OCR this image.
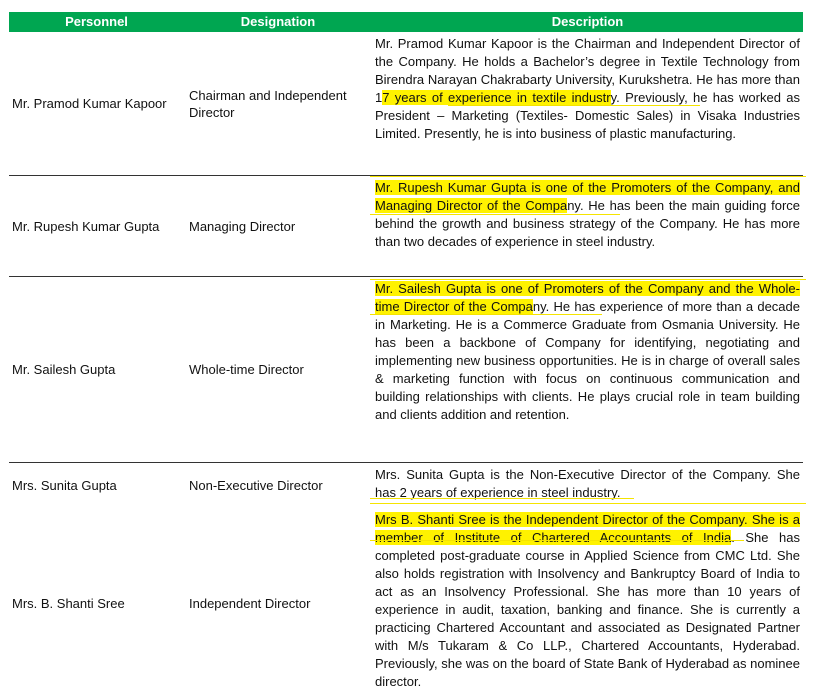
Personnel	Designation	Description
Mr. Pramod Kumar Kapoor
Chairman and Independent Director
Mr. Pramod Kumar Kapoor is the Chairman and Independent Director of the Company. He holds a Bachelor’s degree in Textile Technology from Birendra Narayan Chakrabarty University, Kurukshetra. He has more than 17 years of experience in textile industry. Previously, he has worked as President – Marketing (Textiles- Domestic Sales) in Visaka Industries Limited. Presently, he is into business of plastic manufacturing.
Mr. Rupesh Kumar Gupta	Managing Director
Mr. Rupesh Kumar Gupta is one of the Promoters of the Company, and Managing Director of the Company. He has been the main guiding force behind the growth and business strategy of the Company. He has more than two decades of experience in steel industry.
Mr. Sailesh Gupta	Whole-time Director
Mr. Sailesh Gupta is one of Promoters of the Company and the Whole-time Director of the Company. He has experience of more than a decade in Marketing. He is a Commerce Graduate from Osmania University. He has been a backbone of Company for identifying, negotiating and implementing new business opportunities. He is in charge of overall sales & marketing function with focus on continuous communication and building relationships with clients. He plays crucial role in team building and clients addition and retention.
Mrs. Sunita Gupta	Non-Executive Director
Mrs. Sunita Gupta is the Non-Executive Director of the Company. She has 2 years of experience in steel industry.
Mrs. B. Shanti Sree	Independent Director
Mrs B. Shanti Sree is the Independent Director of the Company. She is a member of Institute of Chartered Accountants of India. She has completed post-graduate course in Applied Science from CMC Ltd. She also holds registration with Insolvency and Bankruptcy Board of India to act as an Insolvency Professional. She has more than 10 years of experience in audit, taxation, banking and finance. She is currently a practicing Chartered Accountant and associated as Designated Partner with M/s Tukaram & Co LLP., Chartered Accountants, Hyderabad. Previously, she was on the board of State Bank of Hyderabad as nominee director.
